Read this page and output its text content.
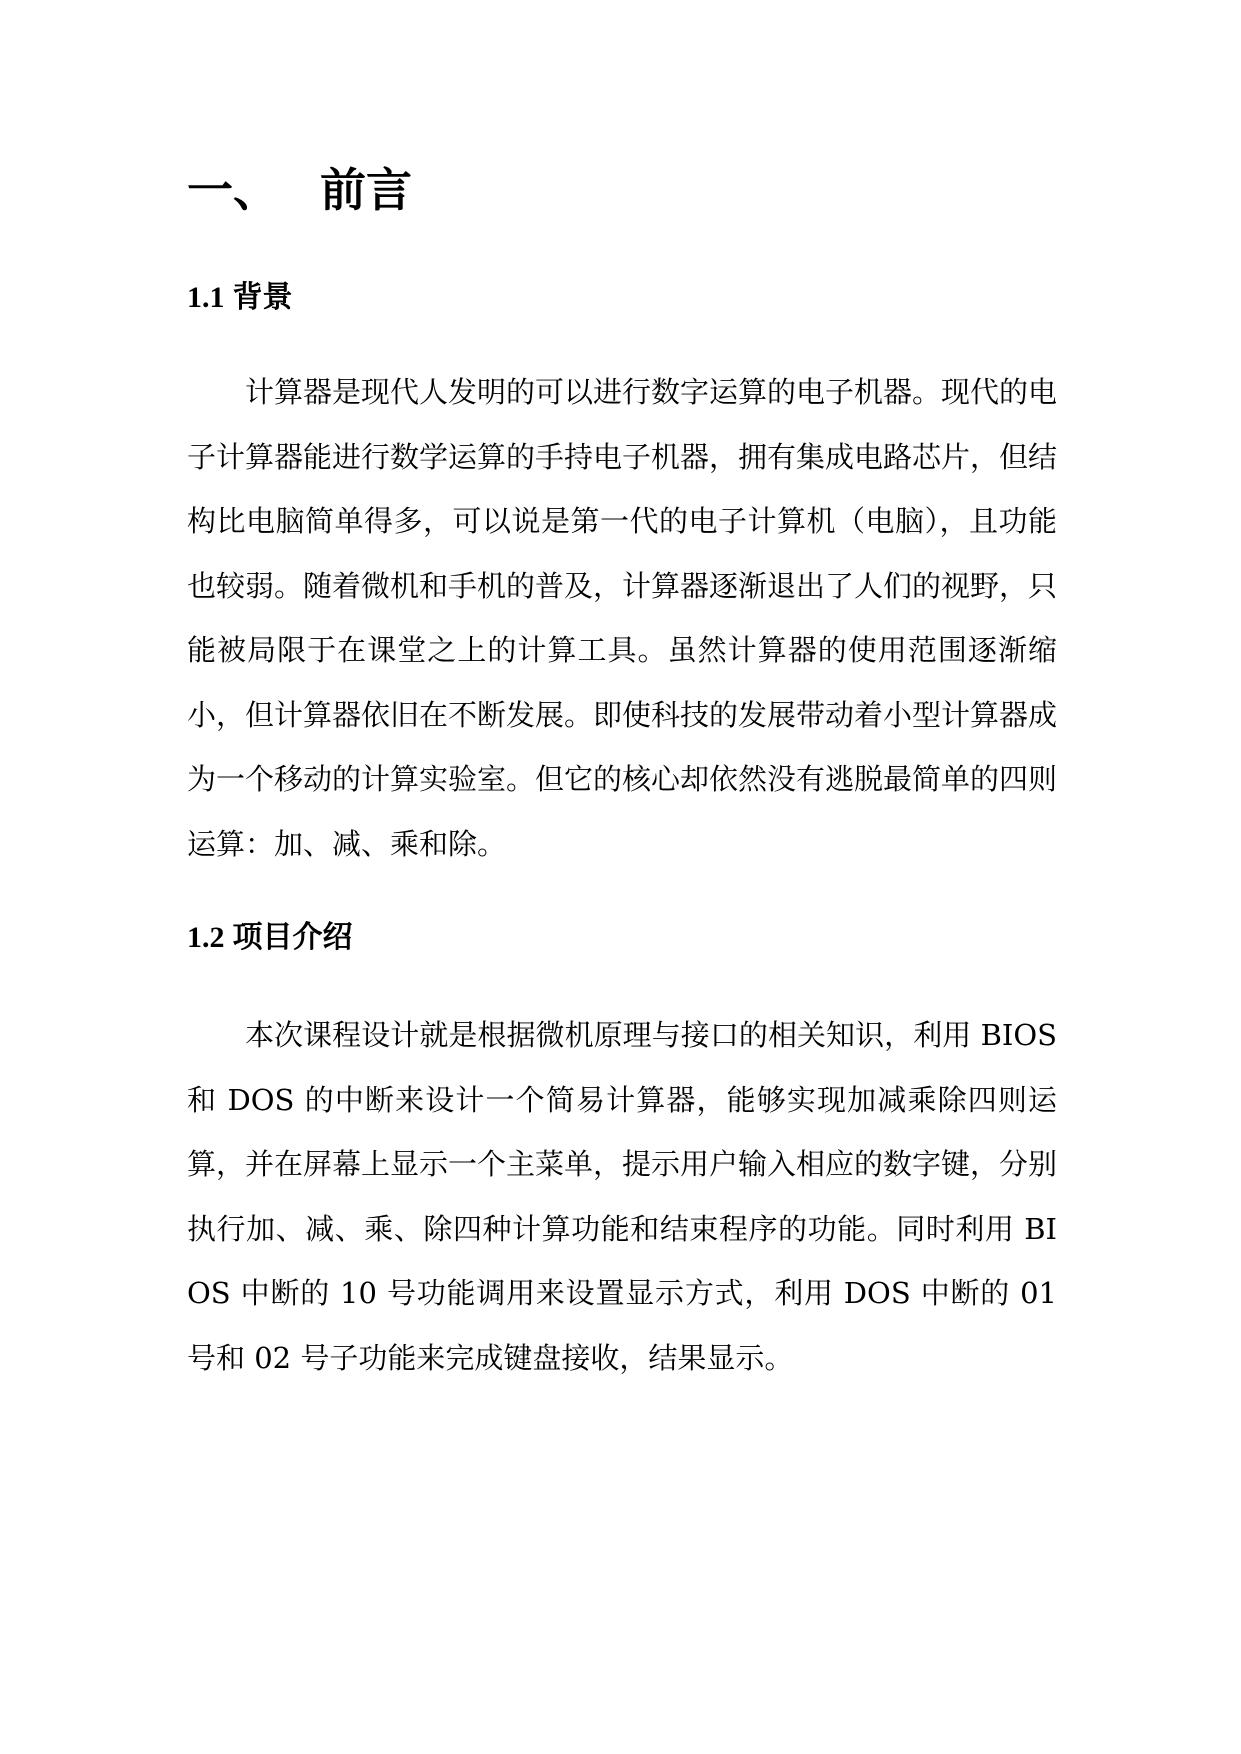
一、 前言
1.1 背景

计算器是现代人发明的可以进行数字运算的电子机器。现代的电子计算器能进行数学运算的手持电子机器，拥有集成电路芯片，但结构比电脑简单得多，可以说是第一代的电子计算机（电脑），且功能也较弱。随着微机和手机的普及，计算器逐渐退出了人们的视野，只能被局限于在课堂之上的计算工具。虽然计算器的使用范围逐渐缩小，但计算器依旧在不断发展。即使科技的发展带动着小型计算器成为一个移动的计算实验室。但它的核心却依然没有逃脱最简单的四则运算：加、减、乘和除。

1.2 项目介绍

本次课程设计就是根据微机原理与接口的相关知识，利用 BIOS 和 DOS 的中断来设计一个简易计算器，能够实现加减乘除四则运算，并在屏幕上显示一个主菜单，提示用户输入相应的数字键，分别执行加、减、乘、除四种计算功能和结束程序的功能。同时利用 BIOS 中断的 10 号功能调用来设置显示方式，利用 DOS 中断的 01 号和 02 号子功能来完成键盘接收，结果显示。
